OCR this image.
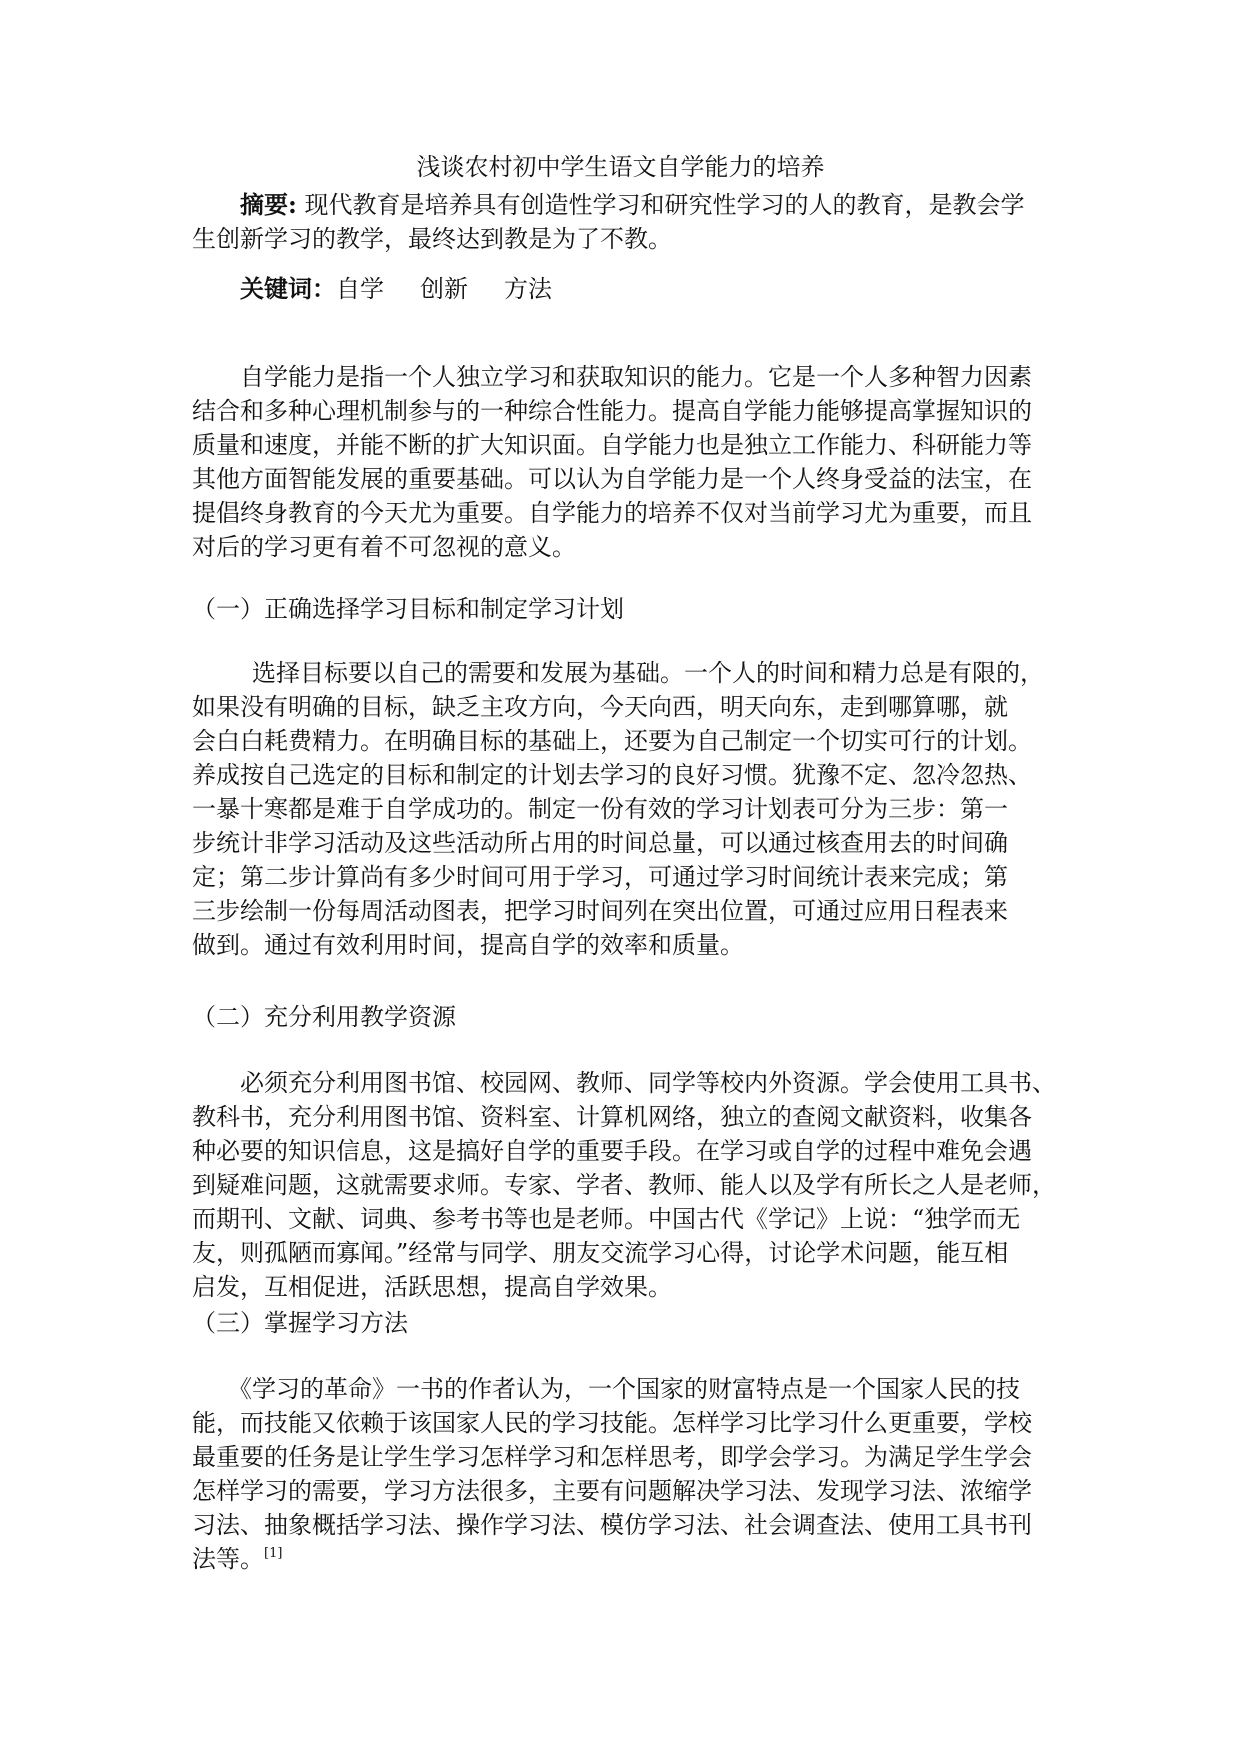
浅谈农村初中学生语文自学能力的培养
摘要: 现代教育是培养具有创造性学习和研究性学习的人的教育，是教会学
生创新学习的教学，最终达到教是为了不教。
关键词：自学 创新 方法
自学能力是指一个人独立学习和获取知识的能力。它是一个人多种智力因素
结合和多种心理机制参与的一种综合性能力。提高自学能力能够提高掌握知识的
质量和速度，并能不断的扩大知识面。自学能力也是独立工作能力、科研能力等
其他方面智能发展的重要基础。可以认为自学能力是一个人终身受益的法宝，在
提倡终身教育的今天尤为重要。自学能力的培养不仅对当前学习尤为重要，而且
对后的学习更有着不可忽视的意义。
（一）正确选择学习目标和制定学习计划
选择目标要以自己的需要和发展为基础。一个人的时间和精力总是有限的，
如果没有明确的目标，缺乏主攻方向，今天向西，明天向东，走到哪算哪，就
会白白耗费精力。在明确目标的基础上，还要为自己制定一个切实可行的计划。
养成按自己选定的目标和制定的计划去学习的良好习惯。犹豫不定、忽冷忽热、
一暴十寒都是难于自学成功的。制定一份有效的学习计划表可分为三步：第一
步统计非学习活动及这些活动所占用的时间总量，可以通过核查用去的时间确
定；第二步计算尚有多少时间可用于学习，可通过学习时间统计表来完成；第
三步绘制一份每周活动图表，把学习时间列在突出位置，可通过应用日程表来
做到。通过有效利用时间，提高自学的效率和质量。
（二）充分利用教学资源
必须充分利用图书馆、校园网、教师、同学等校内外资源。学会使用工具书、
教科书，充分利用图书馆、资料室、计算机网络，独立的查阅文献资料，收集各
种必要的知识信息，这是搞好自学的重要手段。在学习或自学的过程中难免会遇
到疑难问题，这就需要求师。专家、学者、教师、能人以及学有所长之人是老师，
而期刊、文献、词典、参考书等也是老师。中国古代《学记》上说：“独学而无
友，则孤陋而寡闻。”经常与同学、朋友交流学习心得，讨论学术问题，能互相
启发，互相促进，活跃思想，提高自学效果。
（三）掌握学习方法
《学习的革命》一书的作者认为，一个国家的财富特点是一个国家人民的技
能，而技能又依赖于该国家人民的学习技能。怎样学习比学习什么更重要，学校
最重要的任务是让学生学习怎样学习和怎样思考，即学会学习。为满足学生学会
怎样学习的需要，学习方法很多，主要有问题解决学习法、发现学习法、浓缩学
习法、抽象概括学习法、操作学习法、模仿学习法、社会调查法、使用工具书刊
法等。[1]
